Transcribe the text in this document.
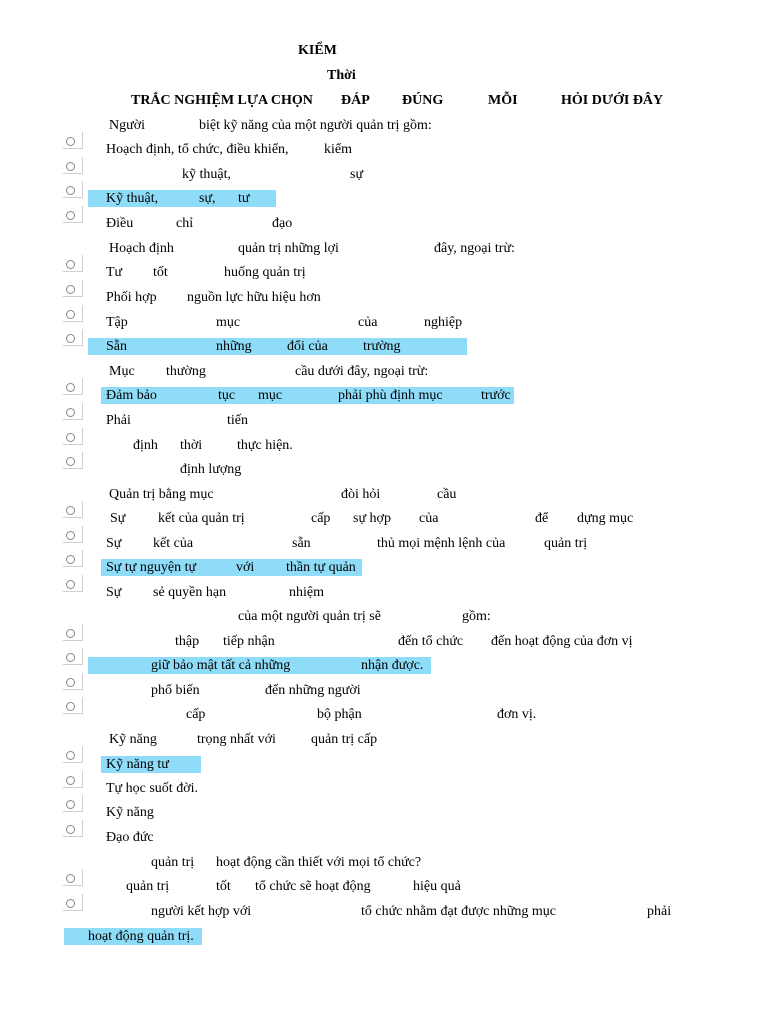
KIỂM
Thời
TRẮC NGHIỆM LỰA CHỌN ĐÁP ĐÚNG	MỖI	HỎI DƯỚI ĐÂY
Người	biệt kỹ năng của một người quản trị gồm:
Hoạch định, tổ chức, điều khiển,	kiểm
kỹ thuật,	sự
Kỹ thuật,	sự, tư
Điều	chỉ	đạo
Hoạch định	quản trị những lợi	đây, ngoại trừ:
Tư tốt	huống quản trị
Phối hợp nguồn lực hữu hiệu hơn
Tập	mục	của	nghiệp
Sẵn	những	đổi của	trường
Mục thường	cầu dưới đây, ngoại trừ:
Đảm bảo	tục mục	phải phù định mục	trước
Phải	tiến
định thời thực hiện.
định lượng
Quản trị bằng mục	đòi hỏi	cầu
Sự kết của quản trị	cấp sự hợp của	để dựng mục
Sự kết của	sẵn	thủ mọi mệnh lệnh của	quản trị
Sự tự nguyện tự	với thần tự quản
Sự sẻ quyền hạn	nhiệm
của một người quản trị sẽ	gồm:
thập tiếp nhận	đến tổ chức đến hoạt động của đơn vị
giữ bảo mật tất cả những	nhận được.
phổ biến	đến những người
cấp	bộ phận	đơn vị.
Kỹ năng	trọng nhất với	quản trị cấp
Kỹ năng tư
Tự học suốt đời.
Kỹ năng
Đạo đức
quản trị hoạt động cần thiết với mọi tổ chức?
quản trị	tốt tổ chức sẽ hoạt động	hiệu quả
người kết hợp với	tổ chức nhằm đạt được những mục	phải
hoạt động quản trị.
